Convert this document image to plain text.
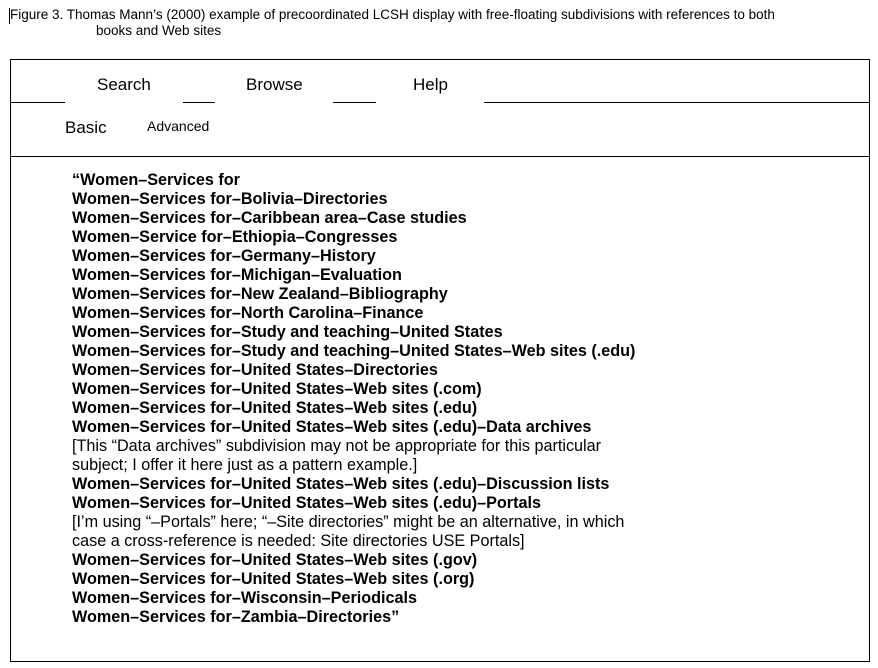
Figure 3. Thomas Mann’s (2000) example of precoordinated LCSH display with free-floating subdivisions with references to both
books and Web sites
Search	Browse	Help
Basic	Advanced
“Women–Services for
Women–Services for–Bolivia–Directories
Women–Services for–Caribbean area–Case studies
Women–Service for–Ethiopia–Congresses
Women–Services for–Germany–History
Women–Services for–Michigan–Evaluation
Women–Services for–New Zealand–Bibliography
Women–Services for–North Carolina–Finance
Women–Services for–Study and teaching–United States
Women–Services for–Study and teaching–United States–Web sites (.edu)
Women–Services for–United States–Directories
Women–Services for–United States–Web sites (.com)
Women–Services for–United States–Web sites (.edu)
Women–Services for–United States–Web sites (.edu)–Data archives
[This “Data archives” subdivision may not be appropriate for this particular
subject; I offer it here just as a pattern example.]
Women–Services for–United States–Web sites (.edu)–Discussion lists
Women–Services for–United States–Web sites (.edu)–Portals
[I’m using “–Portals” here; “–Site directories” might be an alternative, in which
case a cross-reference is needed: Site directories USE Portals]
Women–Services for–United States–Web sites (.gov)
Women–Services for–United States–Web sites (.org)
Women–Services for–Wisconsin–Periodicals
Women–Services for–Zambia–Directories”
